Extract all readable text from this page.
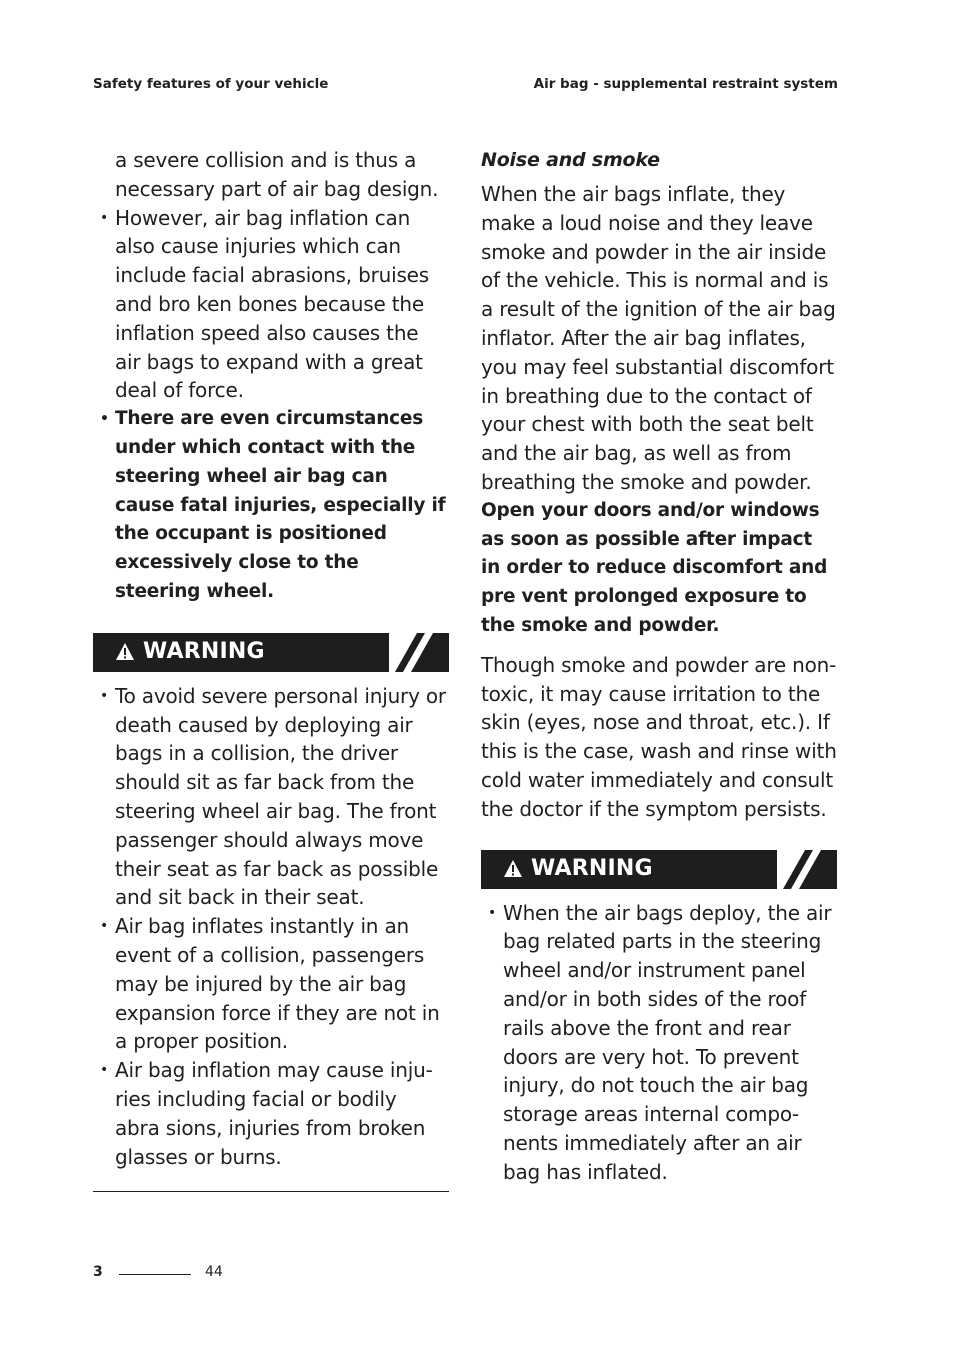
Safety features of your vehicle	Air bag - supplemental restraint system

a severe collision and is thus a necessary part of air bag design.

• However, air bag inflation can also cause injuries which can include facial abrasions, bruises and bro ken bones because the inflation speed also causes the air bags to expand with a great deal of force.
• There are even circumstances under which contact with the steering wheel air bag can cause fatal injuries, especially if the occupant is positioned excessively close to the steering wheel.
WARNING
• To avoid severe personal injury or death caused by deploying air bags in a collision, the driver should sit as far back from the steering wheel air bag. The front passenger should always move their seat as far back as possible and sit back in their seat.
• Air bag inflates instantly in an event of a collision, passengers may be injured by the air bag expansion force if they are not in a proper position.
• Air bag inflation may cause inju ries including facial or bodily abra sions, injuries from broken glasses or burns.

Noise and smoke

When the air bags inflate, they make a loud noise and they leave smoke and powder in the air inside of the vehicle. This is normal and is a result of the ignition of the air bag inflator. After the air bag inflates, you may feel substantial discomfort in breathing due to the contact of your chest with both the seat belt and the air bag, as well as from breathing the smoke and powder.

Open your doors and/or windows as soon as possible after impact in order to reduce discomfort and pre vent prolonged exposure to the smoke and powder.

Though smoke and powder are non toxic, it may cause irritation to the skin (eyes, nose and throat, etc.). If this is the case, wash and rinse with cold water immediately and consult the doctor if the symptom persists.

WARNING
• When the air bags deploy, the air bag related parts in the steering wheel and/or instrument panel and/or in both sides of the roof rails above the front and rear doors are very hot. To prevent injury, do not touch the air bag storage areas internal compo nents immediately after an air bag has inflated.
3	44
